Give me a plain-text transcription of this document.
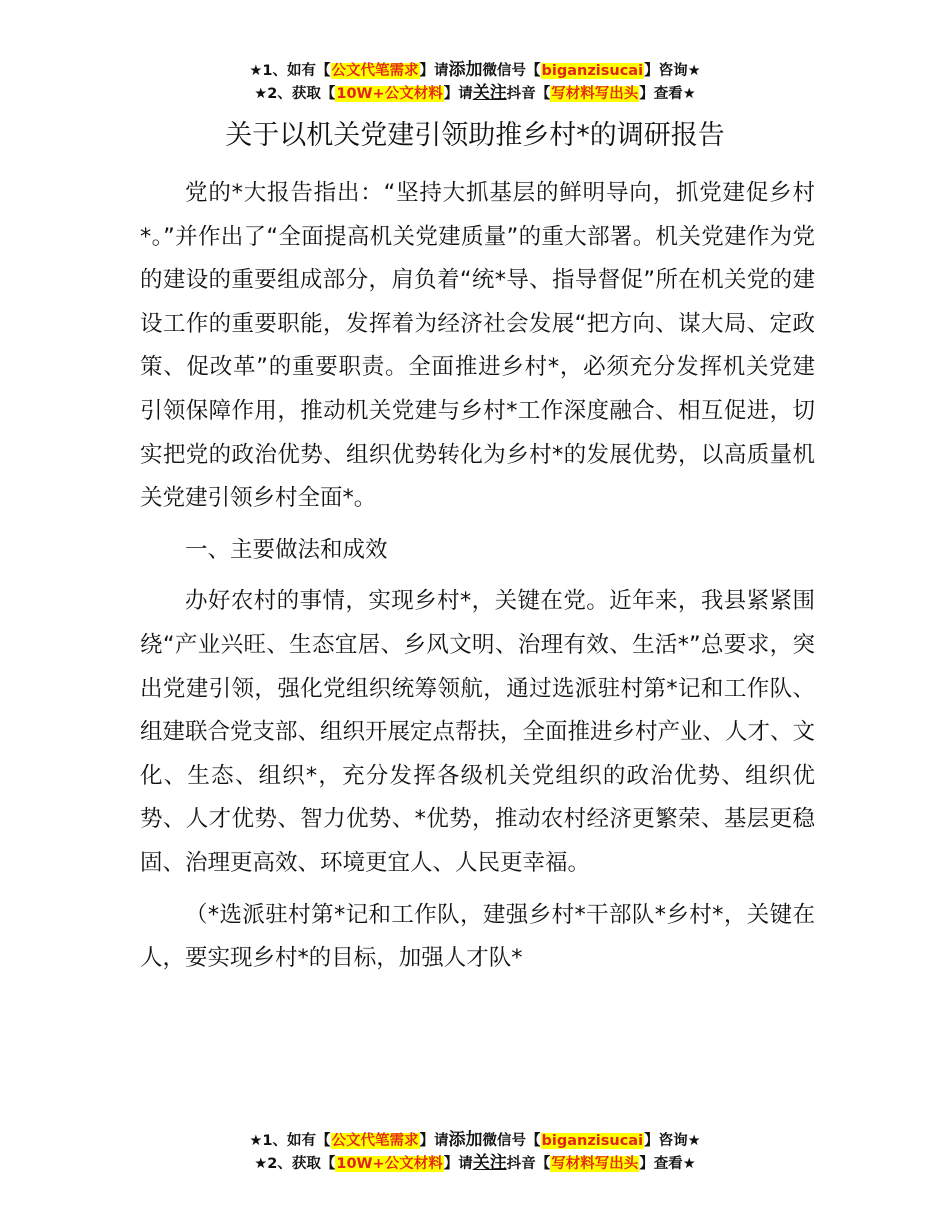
★1、如有【公文代笔需求】请添加微信号【biganzisucai】咨询★
★2、获取【10W+公文材料】请关注抖音【写材料写出头】查看★
关于以机关党建引领助推乡村*的调研报告

党的*大报告指出：“坚持大抓基层的鲜明导向，抓党建促乡村*。”并作出了“全面提高机关党建质量”的重大部署。机关党建作为党的建设的重要组成部分，肩负着“统*导、指导督促”所在机关党的建设工作的重要职能，发挥着为经济社会发展“把方向、谋大局、定政策、促改革”的重要职责。全面推进乡村*，必须充分发挥机关党建引领保障作用，推动机关党建与乡村*工作深度融合、相互促进，切实把党的政治优势、组织优势转化为乡村*的发展优势，以高质量机关党建引领乡村全面*。

一、主要做法和成效

办好农村的事情，实现乡村*，关键在党。近年来，我县紧紧围绕“产业兴旺、生态宜居、乡风文明、治理有效、生活*”总要求，突出党建引领，强化党组织统筹领航，通过选派驻村第*记和工作队、组建联合党支部、组织开展定点帮扶，全面推进乡村产业、人才、文化、生态、组织*，充分发挥各级机关党组织的政治优势、组织优势、人才优势、智力优势、*优势，推动农村经济更繁荣、基层更稳固、治理更高效、环境更宜人、人民更幸福。

（*选派驻村第*记和工作队，建强乡村*干部队*乡村*，关键在人，要实现乡村*的目标，加强人才队*

★1、如有【公文代笔需求】请添加微信号【biganzisucai】咨询★
★2、获取【10W+公文材料】请关注抖音【写材料写出头】查看★
